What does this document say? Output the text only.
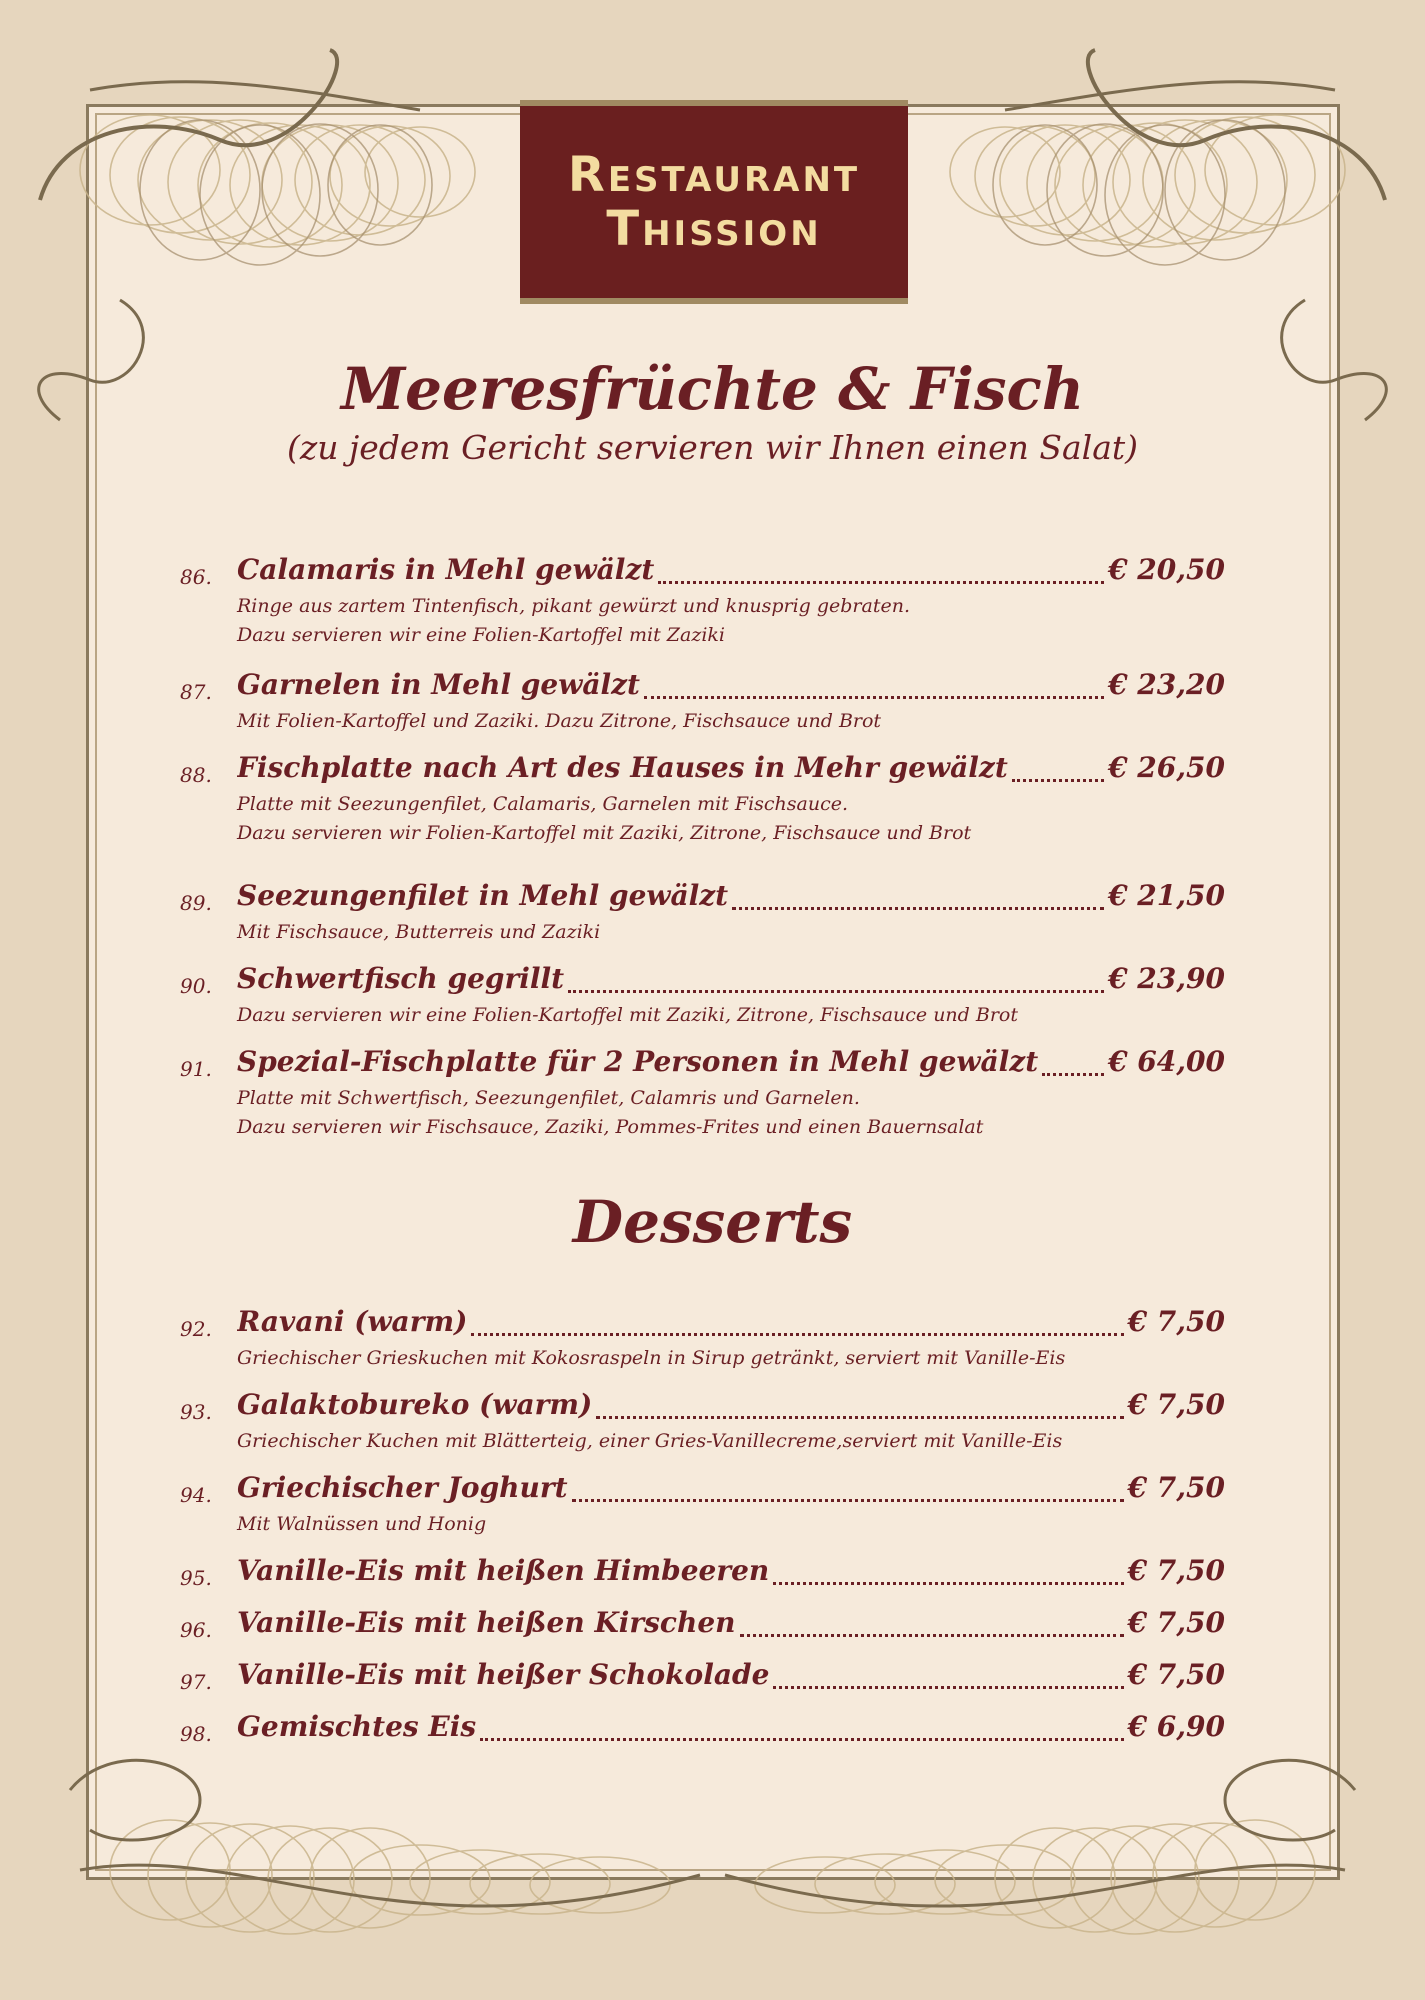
Restaurant
Thission
Meeresfrüchte & Fisch
(zu jedem Gericht servieren wir Ihnen einen Salat)
86. Calamaris in Mehl gewälzt	€ 20,50
Ringe aus zartem Tintenfisch, pikant gewürzt und knusprig gebraten.
Dazu servieren wir eine Folien-Kartoffel mit Zaziki
87. Garnelen in Mehl gewälzt	€ 23,20
Mit Folien-Kartoffel und Zaziki. Dazu Zitrone, Fischsauce und Brot
88. Fischplatte nach Art des Hauses in Mehr gewälzt	€ 26,50
Platte mit Seezungenfilet, Calamaris, Garnelen mit Fischsauce.
Dazu servieren wir Folien-Kartoffel mit Zaziki, Zitrone, Fischsauce und Brot
89. Seezungenfilet in Mehl gewälzt	€ 21,50
Mit Fischsauce, Butterreis und Zaziki
90. Schwertfisch gegrillt	€ 23,90
Dazu servieren wir eine Folien-Kartoffel mit Zaziki, Zitrone, Fischsauce und Brot
91. Spezial-Fischplatte für 2 Personen in Mehl gewälzt € 64,00
Platte mit Schwertfisch, Seezungenfilet, Calamris und Garnelen.
Dazu servieren wir Fischsauce, Zaziki, Pommes-Frites und einen Bauernsalat
Desserts
92. Ravani (warm)	€ 7,50
Griechischer Grieskuchen mit Kokosraspeln in Sirup getränkt, serviert mit Vanille-Eis
93. Galaktobureko (warm)	€ 7,50
Griechischer Kuchen mit Blätterteig, einer Gries-Vanillecreme,serviert mit Vanille-Eis
94. Griechischer Joghurt	€ 7,50
Mit Walnüssen und Honig
95. Vanille-Eis mit heißen Himbeeren	€ 7,50
96. Vanille-Eis mit heißen Kirschen	€ 7,50
97. Vanille-Eis mit heißer Schokolade	€ 7,50
98. Gemischtes Eis	€ 6,90
